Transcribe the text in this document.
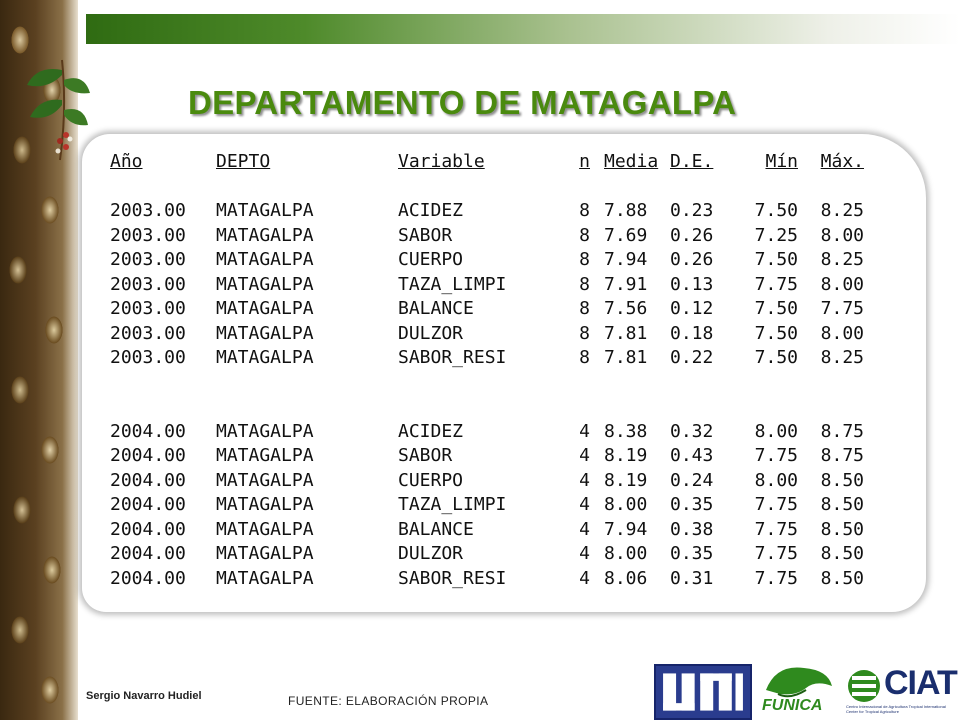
DEPARTAMENTO DE MATAGALPA
Año	DEPTO	Variable	n Media D.E.	Mín	Máx.
2003.00	MATAGALPA	ACIDEZ	8 7.88	0.23	7.50	8.25
2003.00	MATAGALPA	SABOR	8 7.69	0.26	7.25	8.00
2003.00	MATAGALPA	CUERPO	8 7.94	0.26	7.50	8.25
2003.00	MATAGALPA	TAZA_LIMPI	8 7.91	0.13	7.75	8.00
2003.00	MATAGALPA	BALANCE	8 7.56	0.12	7.50	7.75
2003.00	MATAGALPA	DULZOR	8 7.81	0.18	7.50	8.00
2003.00	MATAGALPA	SABOR_RESI	8 7.81	0.22	7.50	8.25
2004.00	MATAGALPA	ACIDEZ	4 8.38	0.32	8.00	8.75
2004.00	MATAGALPA	SABOR	4 8.19	0.43	7.75	8.75
2004.00	MATAGALPA	CUERPO	4 8.19	0.24	8.00	8.50
2004.00	MATAGALPA	TAZA_LIMPI	4 8.00	0.35	7.75	8.50
2004.00	MATAGALPA	BALANCE	4 7.94	0.38	7.75	8.50
2004.00	MATAGALPA	DULZOR	4 8.00	0.35	7.75	8.50
2004.00	MATAGALPA	SABOR_RESI	4 8.06	0.31	7.75	8.50
Sergio Navarro Hudiel	FUENTE: ELABORACIÓN PROPIA	FUNICA
CIAT
Centro Internacional de Agricultura Tropical International Center for Tropical Agriculture
